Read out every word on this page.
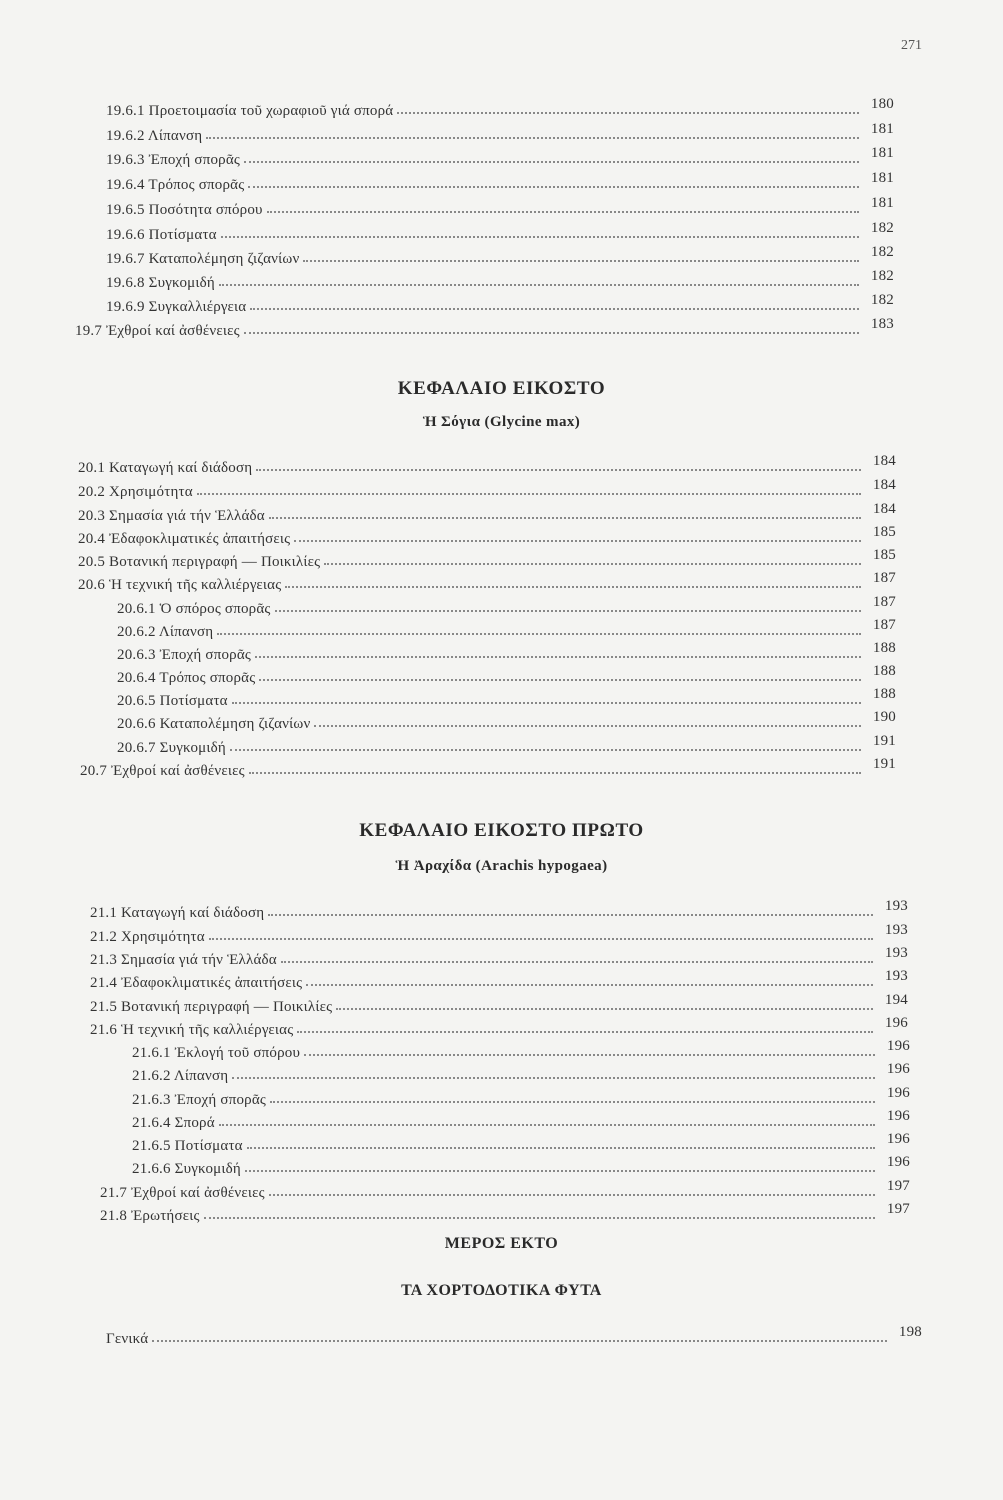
271
19.6.1 Προετοιμασία τοῦ χωραφιοῦ γιά σπορά	180
19.6.2 Λίπανση	181
19.6.3 Ἐποχή σπορᾶς	181
19.6.4 Τρόπος σπορᾶς	181
19.6.5 Ποσότητα σπόρου	181
19.6.6 Ποτίσματα	182
19.6.7 Καταπολέμηση ζιζανίων	182
19.6.8 Συγκομιδή	182
19.6.9 Συγκαλλιέργεια	182
19.7 Ἐχθροί καί ἀσθένειες	183
ΚΕΦΑΛΑΙΟ ΕΙΚΟΣΤΟ
Ἡ Σόγια (Glycine max)
20.1 Καταγωγή καί διάδοση	184
20.2 Χρησιμότητα	184
20.3 Σημασία γιά τήν Ἑλλάδα	184
20.4 Ἐδαφοκλιματικές ἀπαιτήσεις	185
20.5 Βοτανική περιγραφή — Ποικιλίες	185
20.6 Ἡ τεχνική τῆς καλλιέργειας	187
20.6.1 Ὁ σπόρος σπορᾶς	187
20.6.2 Λίπανση	187
20.6.3 Ἐποχή σπορᾶς	188
20.6.4 Τρόπος σπορᾶς	188
20.6.5 Ποτίσματα	188
20.6.6 Καταπολέμηση ζιζανίων	190
20.6.7 Συγκομιδή	191
20.7 Ἐχθροί καί ἀσθένειες	191
ΚΕΦΑΛΑΙΟ ΕΙΚΟΣΤΟ ΠΡΩΤΟ
Ἡ Ἀραχίδα (Arachis hypogaea)
21.1 Καταγωγή καί διάδοση	193
21.2 Χρησιμότητα	193
21.3 Σημασία γιά τήν Ἑλλάδα	193
21.4 Ἐδαφοκλιματικές ἀπαιτήσεις	193
21.5 Βοτανική περιγραφή — Ποικιλίες	194
21.6 Ἡ τεχνική τῆς καλλιέργειας	196
21.6.1 Ἐκλογή τοῦ σπόρου	196
21.6.2 Λίπανση	196
21.6.3 Ἐποχή σπορᾶς	196
21.6.4 Σπορά	196
21.6.5 Ποτίσματα	196
21.6.6 Συγκομιδή	196
21.7 Ἐχθροί καί ἀσθένειες	197
21.8 Ἐρωτήσεις	197
ΜΕΡΟΣ ΕΚΤΟ
ΤΑ ΧΟΡΤΟΔΟΤΙΚΑ ΦΥΤΑ
Γενικά	198
